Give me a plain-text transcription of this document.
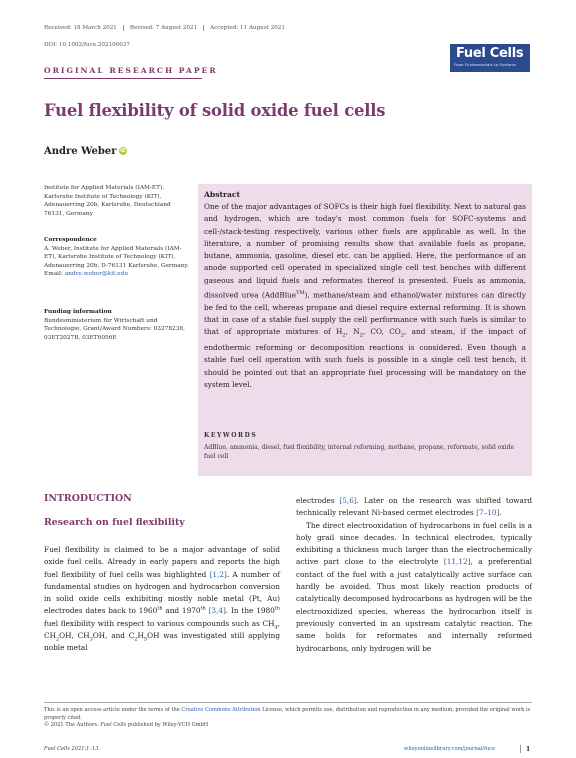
Received: 18 March 2021	Revised: 7 August 2021	Accepted: 11 August 2021
DOI: 10.1002/fuce.202100037
Fuel Cells
From Fundamentals to Systems
ORIGINAL RESEARCH PAPER
Fuel flexibility of solid oxide fuel cells
Andre Weber iD
Institute for Applied Materials (IAM-ET), Karlsruhe Institute of Technology (KIT), Adenauerring 20b, Karlsruhe, Deutschland 76131, Germany
Correspondence
A. Weber, Institute for Applied Materials (IAM-ET), Karlsruhe Institute of Technology (KIT), Adenauerring 20b, D-76131 Karlsruhe, Germany.
Email: andre.weber@kit.edu
Funding information
Bundesministerium für Wirtschaft und Technologie, Grant/Award Numbers: 03278238, 03ET2027B, 03ET6056E
Abstract
One of the major advantages of SOFCs is their high fuel flexibility. Next to natural gas and hydrogen, which are today's most common fuels for SOFC-systems and cell-/stack-testing respectively, various other fuels are applicable as well. In the literature, a number of promising results show that available fuels as propane, butane, ammonia, gasoline, diesel etc. can be applied. Here, the performance of an anode supported cell operated in specialized single cell test benches with different gaseous and liquid fuels and reformates thereof is presented. Fuels as ammonia, dissolved urea (AddBlue™), methane/steam and ethanol/water mixtures can directly be fed to the cell, whereas propane and diesel require external reforming. It is shown that in case of a stable fuel supply the cell performance with such fuels is similar to that of appropriate mixtures of $H_2$, $N_2$, CO, $CO_2$, and steam, if the impact of endothermic reforming or decomposition reactions is considered. Even though a stable fuel cell operation with such fuels is possible in a single cell test bench, it should be pointed out that an appropriate fuel processing will be mandatory on the system level.
KEYWORDS
AdBlue, ammonia, diesel, fuel flexibility, internal reforming, methane, propane, reformate, solid oxide fuel cell
INTRODUCTION
Research on fuel flexibility
Fuel flexibility is claimed to be a major advantage of solid oxide fuel cells. Already in early papers and reports the high fuel flexibility of fuel cells was highlighted [1,2]. A number of fundamental studies on hydrogen and hydrocarbon conversion in solid oxide cells exhibiting mostly noble metal (Pt, Au) electrodes dates back to 1960th and 1970th [3,4]. In the 1980th fuel flexibility with respect to various compounds such as $CH_4$, $CH_2OH$, $CH_3OH$, and $C_2H_5OH$ was investigated still applying noble metal
electrodes [5,6]. Later on the research was shifted toward technically relevant Ni-based cermet electrodes [7–10].
The direct electrooxidation of hydrocarbons in fuel cells is a holy grail since decades. In technical electrodes, typically exhibiting a thickness much larger than the electrochemically active part close to the electrolyte [11,12], a preferential contact of the fuel with a just catalytically active surface can hardly be avoided. Thus most likely reaction products of catalytically decomposed hydrocarbons as hydrogen will be the electrooxidized species, whereas the hydrocarbon itself is previously converted in an upstream catalytic reaction. The same holds for reformates and internally reformed hydrocarbons, only hydrogen will be
This is an open access article under the terms of the Creative Commons Attribution License, which permits use, distribution and reproduction in any medium, provided the original work is properly cited.
© 2021 The Authors. Fuel Cells published by Wiley-VCH GmbH
Fuel Cells 2021;1–13.	wileyonlinelibrary.com/journal/fuce	1
